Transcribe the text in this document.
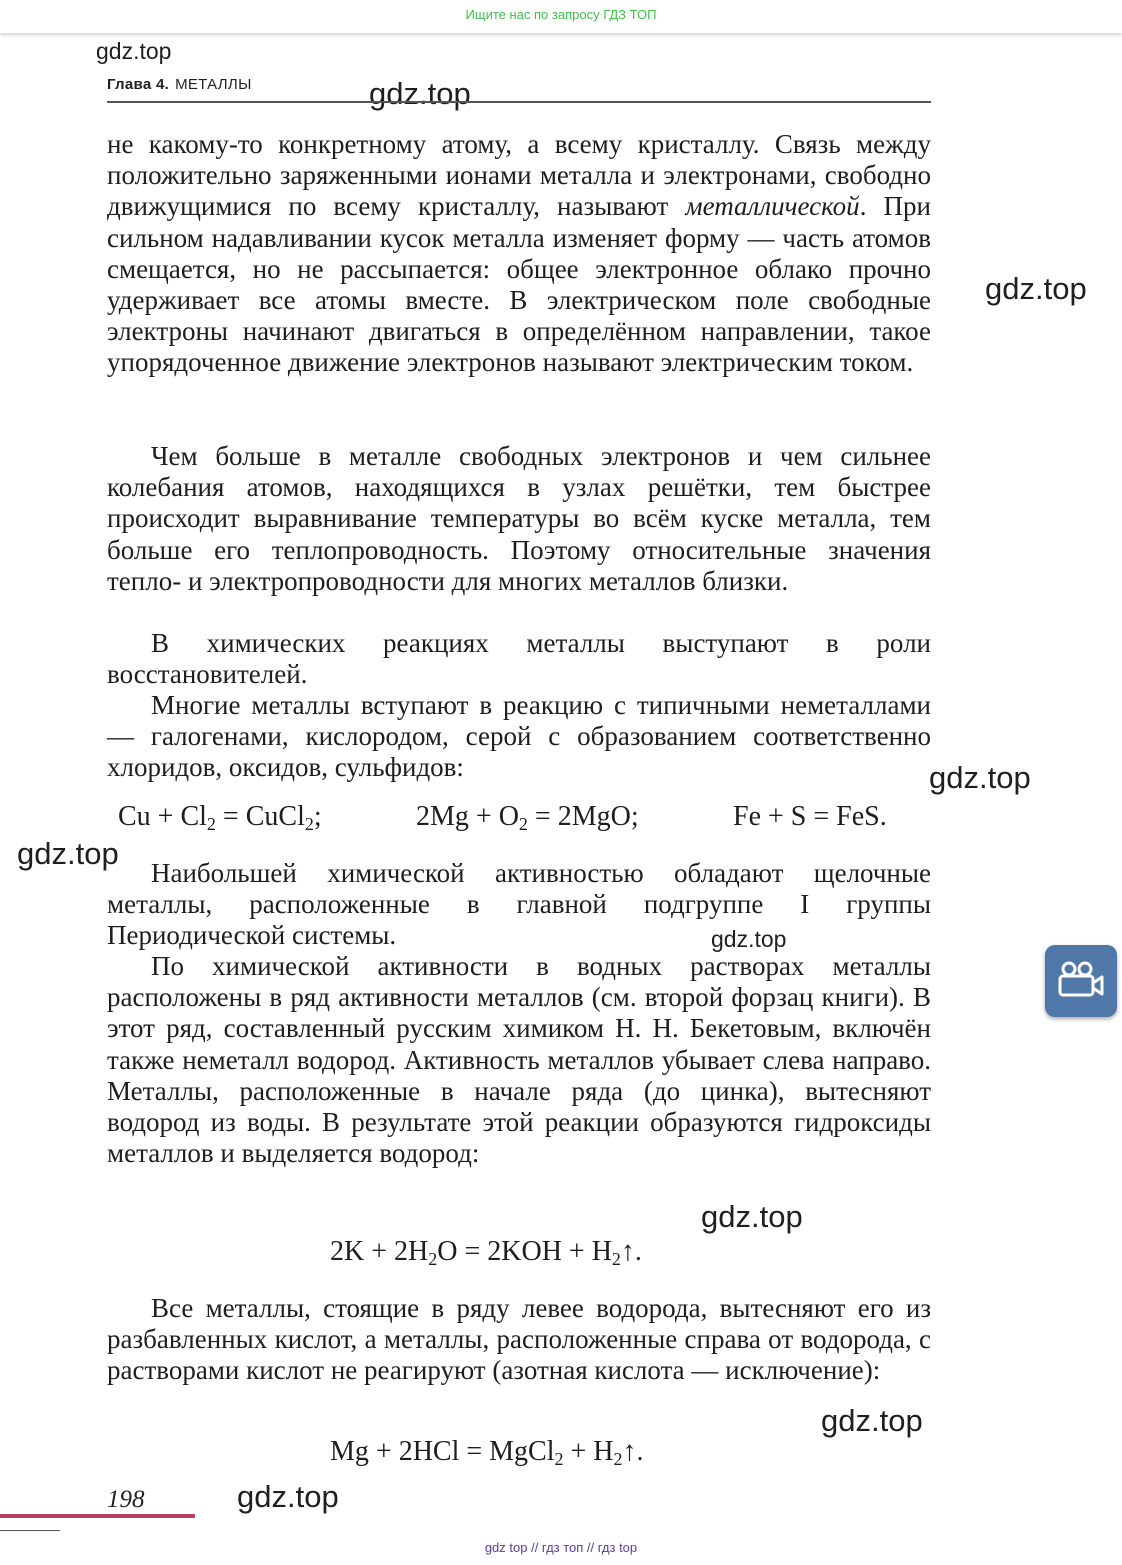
Ищите нас по запросу ГДЗ ТОП
gdz.top
gdz.top
gdz.top
gdz.top
gdz.top
gdz.top
gdz.top
gdz.top
gdz.top
Глава 4. МЕТАЛЛЫ

не какому-то конкретному атому, а всему кристаллу. Связь между положительно заряженными ионами металла и электронами, свободно движущимися по всему кристаллу, называют металлической. При сильном надавливании кусок металла изменяет форму — часть атомов смещается, но не рассыпается: общее электронное облако прочно удерживает все атомы вместе. В электрическом поле свободные электроны начинают двигаться в определённом направлении, такое упорядоченное движение электронов называют электрическим током.

Чем больше в металле свободных электронов и чем сильнее колебания атомов, находящихся в узлах решётки, тем быстрее происходит выравнивание температуры во всём куске металла, тем больше его теплопроводность. Поэтому относительные значения тепло- и электропроводности для многих металлов близки.

В химических реакциях металлы выступают в роли восстановителей.

Многие металлы вступают в реакцию с типичными неметаллами — галогенами, кислородом, серой с образованием соответственно хлоридов, оксидов, сульфидов:

$Cu + Cl_2$ = CuCl$_2$;	$2Mg + O_2 = 2MgO$;	Fe + S = FeS.

Наибольшей химической активностью обладают щелочные металлы, расположенные в главной подгруппе I группы Периодической системы.

По химической активности в водных растворах металлы расположены в ряд активности металлов (см. второй форзац книги). В этот ряд, составленный русским химиком Н. Н. Бекетовым, включён также неметалл водород. Активность металлов убывает слева направо. Металлы, расположенные в начале ряда (до цинка), вытесняют водород из воды. В результате этой реакции образуются гидроксиды металлов и выделяется водород:

$2K + 2H_2O = 2KOH$ + $H_2↑$.

Все металлы, стоящие в ряду левее водорода, вытесняют его из разбавленных кислот, а металлы, расположенные справа от водорода, с растворами кислот не реагируют (азотная кислота — исключение):

Mg + 2HCl = MgCl$_2$ + $H_2↑$.
198
gdz top // гдз топ // гдз top
